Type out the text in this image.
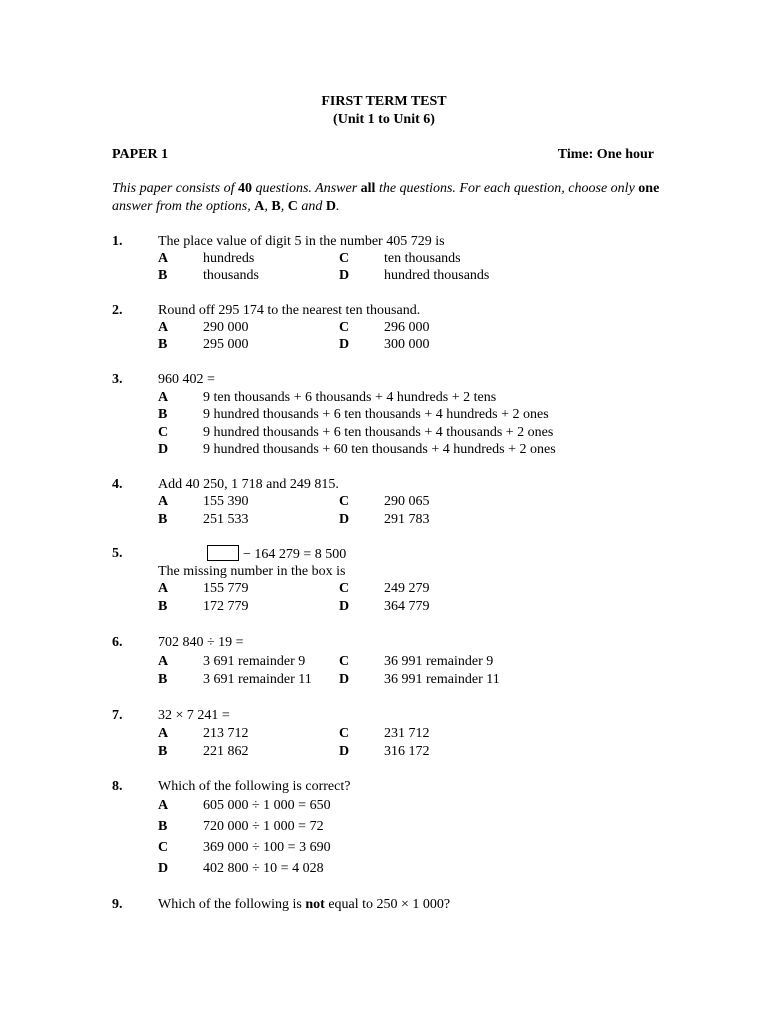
FIRST TERM TEST
(Unit 1 to Unit 6)
PAPER 1	Time: One hour
This paper consists of 40 questions. Answer all the questions. For each question, choose only one answer from the options, A, B, C and D.
1.	The place value of digit 5 in the number 405 729 is
A hundreds	C ten thousands
B	thousands	D hundred thousands
2.	Round off 295 174 to the nearest ten thousand.
A 290 000	C 296 000
B	295 000	D 300 000
3.	960 402 =
A 9 ten thousands + 6 thousands + 4 hundreds + 2 tens
B	9 hundred thousands + 6 ten thousands + 4 hundreds + 2 ones
C 9 hundred thousands + 6 ten thousands + 4 thousands + 2 ones
D 9 hundred thousands + 60 ten thousands + 4 hundreds + 2 ones
4.	Add 40 250, 1 718 and 249 815.
A 155 390	C 290 065
B	251 533	D 291 783
5.	− 164 279 = 8 500
The missing number in the box is
A 155 779	C 249 279
B	172 779	D 364 779
6.	702 840 ÷ 19 =
A 3 691 remainder 9 C 36 991 remainder 9
B	3 691 remainder 11 D 36 991 remainder 11
7.	32 × 7 241 =
A 213 712	C 231 712
B	221 862	D 316 172
8.	Which of the following is correct?
A 605 000 ÷ 1 000 = 650
B	720 000 ÷ 1 000 = 72
C 369 000 ÷ 100 = 3 690
D 402 800 ÷ 10 = 4 028
9.	Which of the following is not equal to 250 × 1 000?
